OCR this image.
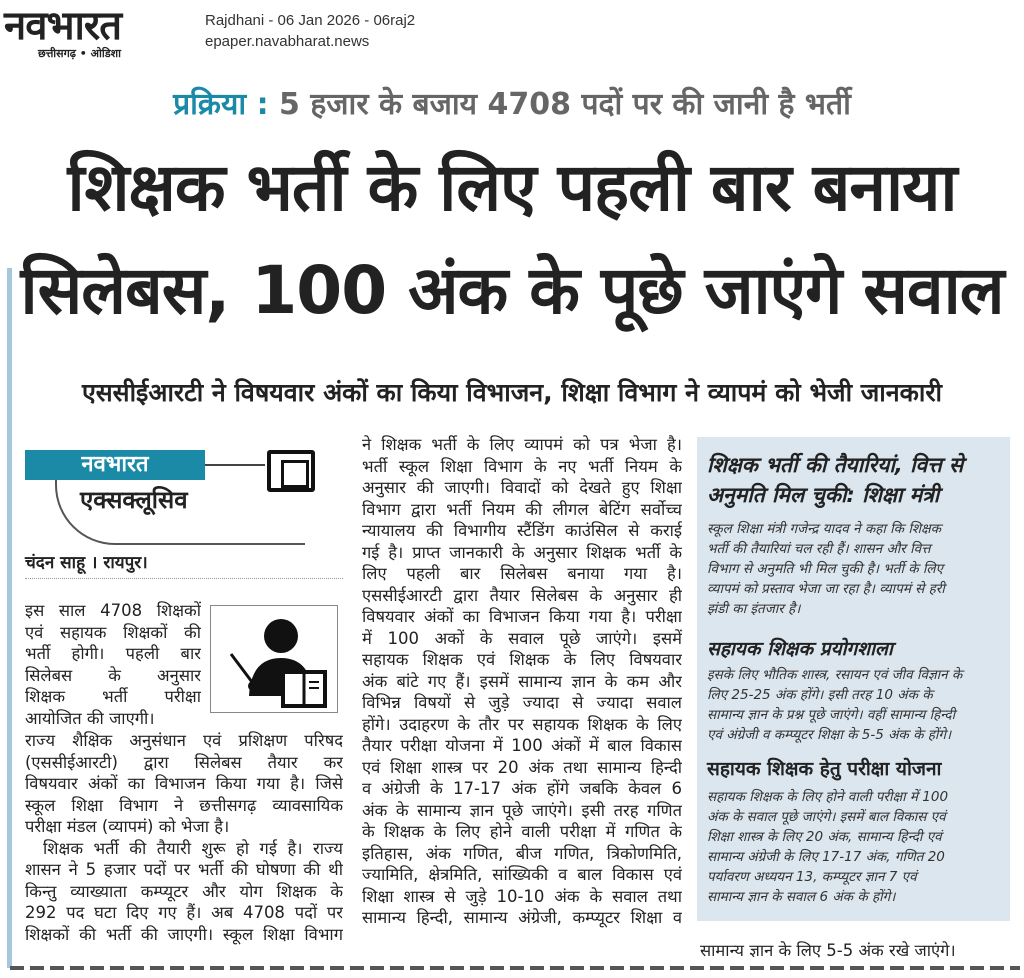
नवभारत
छत्तीसगढ़ • ओडिशा
Rajdhani - 06 Jan 2026 - 06raj2
epaper.navabharat.news
प्रक्रिया : 5 हजार के बजाय 4708 पदों पर की जानी है भर्ती
शिक्षक भर्ती के लिए पहली बार बनाया
सिलेबस, 100 अंक के पूछे जाएंगे सवाल
एससीईआरटी ने विषयवार अंकों का किया विभाजन, शिक्षा विभाग ने व्यापमं को भेजी जानकारी
नवभारत
एक्सक्लूसिव
चंदन साहू । रायपुर।
इस साल 4708 शिक्षकों
एवं सहायक शिक्षकों की
भर्ती होगी। पहली बार
सिलेबस के अनुसार
शिक्षक भर्ती परीक्षा
आयोजित की जाएगी।
राज्य शैक्षिक अनुसंधान एवं प्रशिक्षण परिषद
(एससीईआरटी) द्वारा सिलेबस तैयार कर
विषयवार अंकों का विभाजन किया गया है। जिसे
स्कूल शिक्षा विभाग ने छत्तीसगढ़ व्यावसायिक
परीक्षा मंडल (व्यापमं) को भेजा है।
शिक्षक भर्ती की तैयारी शुरू हो गई है। राज्य
शासन ने 5 हजार पदों पर भर्ती की घोषणा की थी
किन्तु व्याख्याता कम्प्यूटर और योग शिक्षक के
292 पद घटा दिए गए हैं। अब 4708 पदों पर
शिक्षकों की भर्ती की जाएगी। स्कूल शिक्षा विभाग
ने शिक्षक भर्ती के लिए व्यापमं को पत्र भेजा है।
भर्ती स्कूल शिक्षा विभाग के नए भर्ती नियम के
अनुसार की जाएगी। विवादों को देखते हुए शिक्षा
विभाग द्वारा भर्ती नियम की लीगल बेटिंग सर्वोच्च
न्यायालय की विभागीय स्टैंडिंग काउंसिल से कराई
गई है। प्राप्त जानकारी के अनुसार शिक्षक भर्ती के
लिए पहली बार सिलेबस बनाया गया है।
एससीईआरटी द्वारा तैयार सिलेबस के अनुसार ही
विषयवार अंकों का विभाजन किया गया है। परीक्षा
में 100 अकों के सवाल पूछे जाएंगे। इसमें
सहायक शिक्षक एवं शिक्षक के लिए विषयवार
अंक बांटे गए हैं। इसमें सामान्य ज्ञान के कम और
विभिन्न विषयों से जुड़े ज्यादा से ज्यादा सवाल
होंगे। उदाहरण के तौर पर सहायक शिक्षक के लिए
तैयार परीक्षा योजना में 100 अंकों में बाल विकास
एवं शिक्षा शास्त्र पर 20 अंक तथा सामान्य हिन्दी
व अंग्रेजी के 17-17 अंक होंगे जबकि केवल 6
अंक के सामान्य ज्ञान पूछे जाएंगे। इसी तरह गणित
के शिक्षक के लिए होने वाली परीक्षा में गणित के
इतिहास, अंक गणित, बीज गणित, त्रिकोणमिति,
ज्यामिति, क्षेत्रमिति, सांख्यिकी व बाल विकास एवं
शिक्षा शास्त्र से जुड़े 10-10 अंक के सवाल तथा
सामान्य हिन्दी, सामान्य अंग्रेजी, कम्प्यूटर शिक्षा व
शिक्षक भर्ती की तैयारियां, वित्त से
अनुमति मिल चुकी: शिक्षा मंत्री
सहायक शिक्षक प्रयोगशाला
सहायक शिक्षक हेतु परीक्षा योजना
स्कूल शिक्षा मंत्री गजेन्द्र यादव ने कहा कि शिक्षक
भर्ती की तैयारियां चल रही हैं। शासन और वित्त
विभाग से अनुमति भी मिल चुकी है। भर्ती के लिए
व्यापमं को प्रस्ताव भेजा जा रहा है। व्यापमं से हरी
झंडी का इंतजार है।
इसके लिए भौतिक शास्त्र, रसायन एवं जीव विज्ञान के
लिए 25-25 अंक होंगे। इसी तरह 10 अंक के
सामान्य ज्ञान के प्रश्न पूछे जाएंगे। वहीं सामान्य हिन्दी
एवं अंग्रेजी व कम्प्यूटर शिक्षा के 5-5 अंक के होंगे।
सहायक शिक्षक के लिए होने वाली परीक्षा में 100
अंक के सवाल पूछे जाएंगे। इसमें बाल विकास एवं
शिक्षा शास्त्र के लिए 20 अंक, सामान्य हिन्दी एवं
सामान्य अंग्रेजी के लिए 17-17 अंक, गणित 20
पर्यावरण अध्ययन 13, कम्प्यूटर ज्ञान 7 एवं
सामान्य ज्ञान के सवाल 6 अंक के होंगे।
सामान्य ज्ञान के लिए 5-5 अंक रखे जाएंगे।
